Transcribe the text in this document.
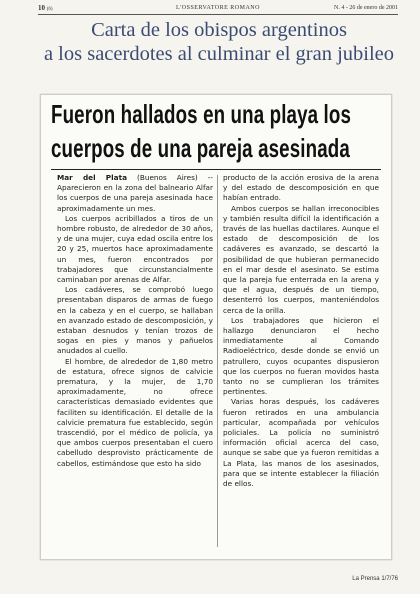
10 (6)	L'OSSERVATORE ROMANO	N. 4 - 26 de enero de 2001
Carta de los obispos argentinos
a los sacerdotes al culminar el gran jubileo
Fueron hallados en una playa los
cuerpos de una pareja asesinada

Mar del Plata (Buenos Aires) -- Aparecieron en la zona del balneario Alfar los cuerpos de una pareja asesinada hace aproximadamente un mes.

Los cuerpos acribillados a tiros de un hombre robusto, de alrededor de 30 años, y de una mujer, cuya edad oscila entre los 20 y 25, muertos hace aproximadamente un mes, fueron encontrados por trabajadores que circunstancialmente caminaban por arenas de Alfar.

Los cadáveres, se comprobó luego presentaban disparos de armas de fuego en la cabeza y en el cuerpo, se hallaban en avanzado estado de descomposición, y estaban desnudos y tenían trozos de sogas en pies y manos y pañuelos anudados al cuello.

El hombre, de alrededor de 1,80 metro de estatura, ofrece signos de calvicie prematura, y la mujer, de 1,70 aproximadamente, no ofrece características demasiado evidentes que faciliten su identificación. El detalle de la calvicie prematura fue establecido, según trascendió, por el médico de policía, ya que ambos cuerpos presentaban el cuero cabelludo desprovisto prácticamente de cabellos, estimándose que esto ha sido

producto de la acción erosiva de la arena y del estado de descomposición en que habían entrado.

Ambos cuerpos se hallan irreconocibles y también resulta difícil la identificación a través de las huellas dactilares. Aunque el estado de descomposición de los cadáveres es avanzado, se descartó la posibilidad de que hubieran permanecido en el mar desde el asesinato. Se estima que la pareja fue enterrada en la arena y que el agua, después de un tiempo, desenterró los cuerpos, manteniéndolos cerca de la orilla.

Los trabajadores que hicieron el hallazgo denunciaron el hecho inmediatamente al Comando Radioeléctrico, desde donde se envió un patrullero, cuyos ocupantes dispusieron que los cuerpos no fueran movidos hasta tanto no se cumplieran los trámites pertinentes.

Varias horas después, los cadáveres fueron retirados en una ambulancia particular, acompañada por vehículos policiales. La policía no suministró información oficial acerca del caso, aunque se sabe que ya fueron remitidas a La Plata, las manos de los asesinados, para que se intente establecer la filiación de ellos.

La Prensa 1/7/76
